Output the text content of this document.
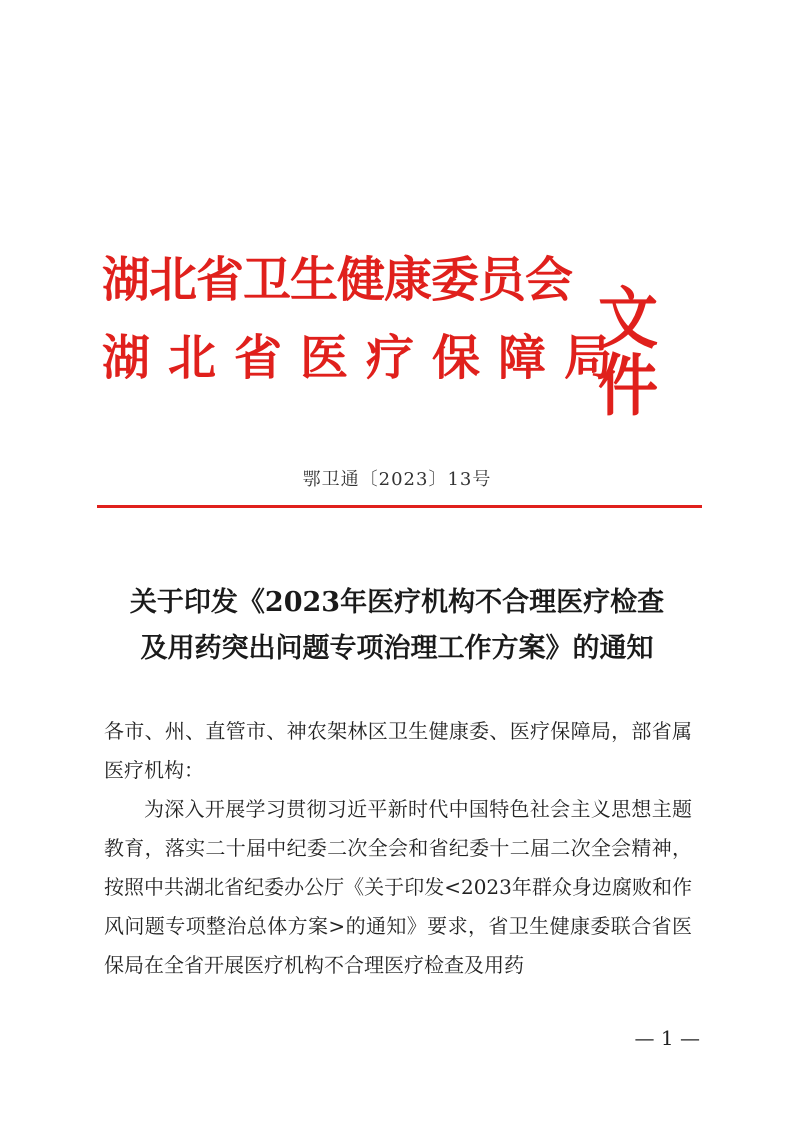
湖北省卫生健康委员会
湖北省医疗保障局
文件
鄂卫通〔2023〕13号
关于印发《2023年医疗机构不合理医疗检查
及用药突出问题专项治理工作方案》的通知

各市、州、直管市、神农架林区卫生健康委、医疗保障局，部省属医疗机构：

为深入开展学习贯彻习近平新时代中国特色社会主义思想主题教育，落实二十届中纪委二次全会和省纪委十二届二次全会精神，按照中共湖北省纪委办公厅《关于印发<2023年群众身边腐败和作风问题专项整治总体方案>的通知》要求，省卫生健康委联合省医保局在全省开展医疗机构不合理医疗检查及用药

— 1 —
